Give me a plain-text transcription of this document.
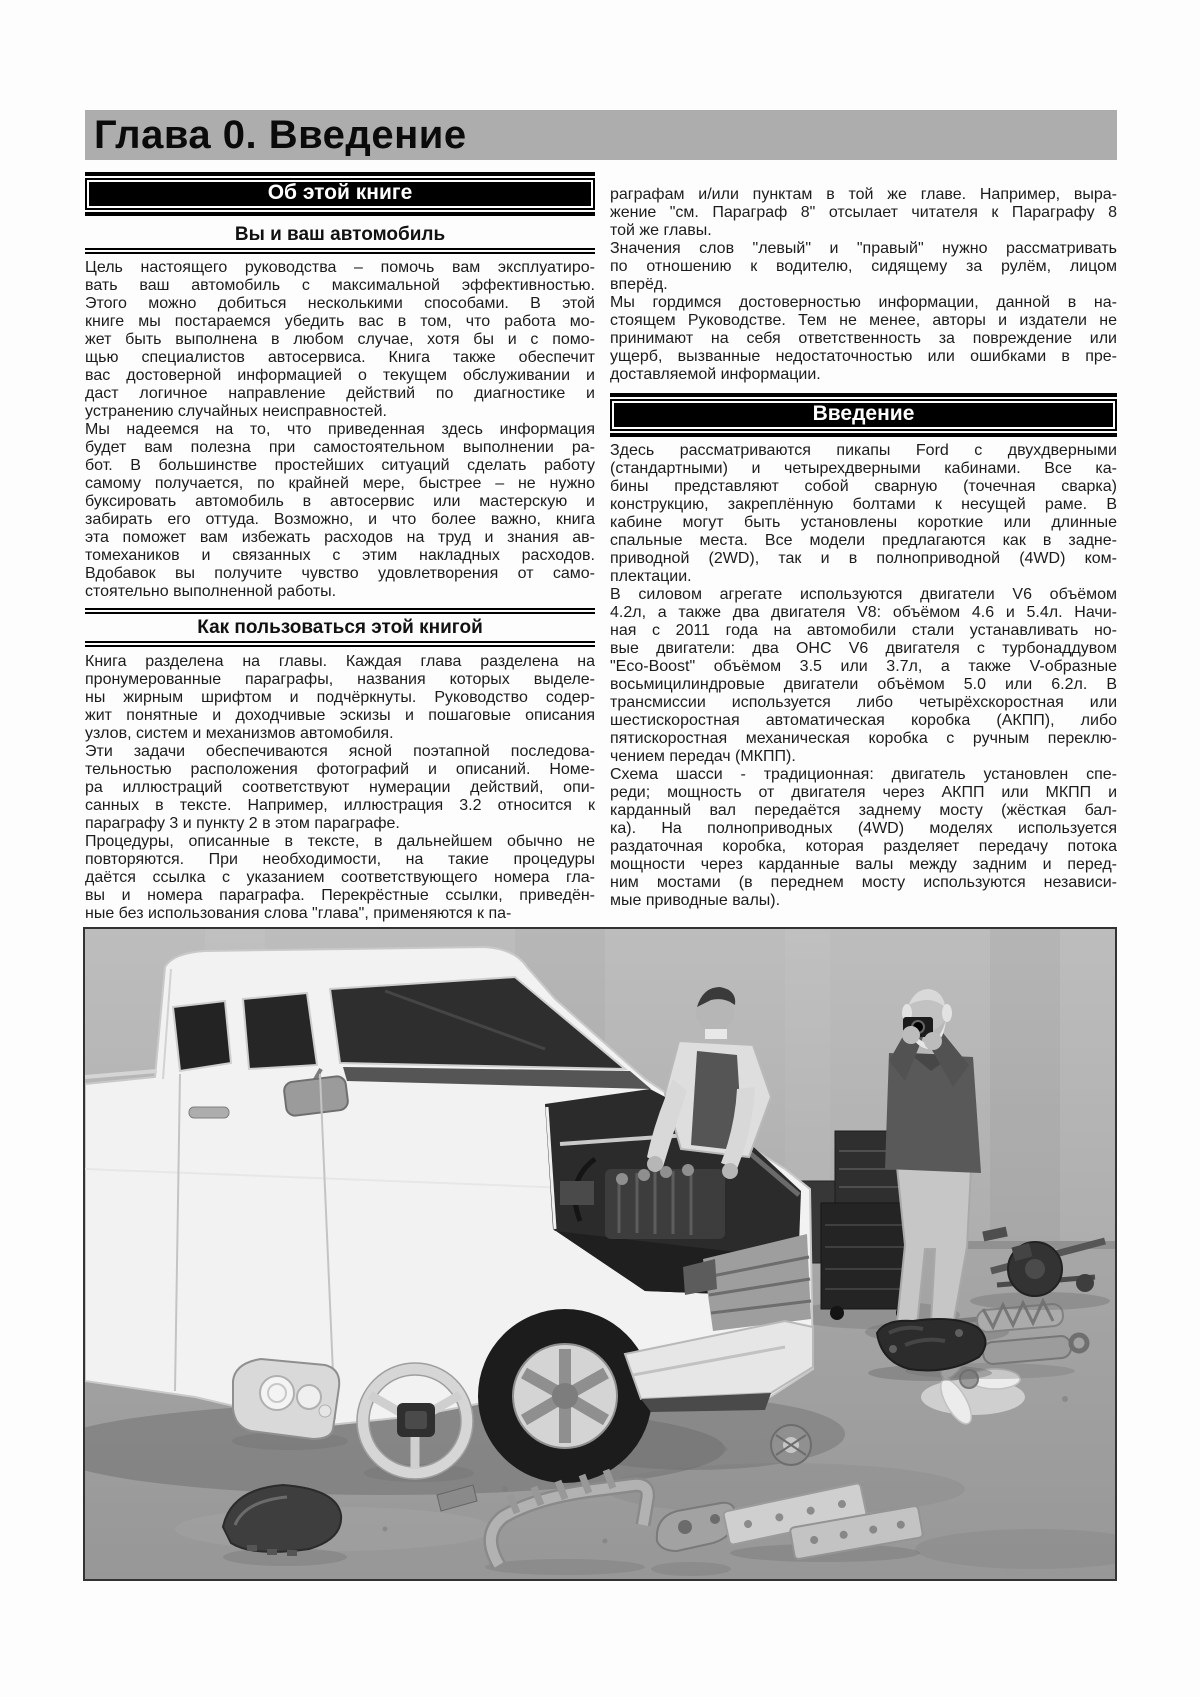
Глава 0. Введение
Об этой книге
Вы и ваш автомобиль
Цель настоящего руководства – помочь вам эксплуатиро-
вать ваш автомобиль с максимальной эффективностью.
Этого можно добиться несколькими способами. В этой
книге мы постараемся убедить вас в том, что работа мо-
жет быть выполнена в любом случае, хотя бы и с помо-
щью специалистов автосервиса. Книга также обеспечит
вас достоверной информацией о текущем обслуживании и
даст логичное направление действий по диагностике и
устранению случайных неисправностей.
Мы надеемся на то, что приведенная здесь информация
будет вам полезна при самостоятельном выполнении ра-
бот. В большинстве простейших ситуаций сделать работу
самому получается, по крайней мере, быстрее – не нужно
буксировать автомобиль в автосервис или мастерскую и
забирать его оттуда. Возможно, и что более важно, книга
эта поможет вам избежать расходов на труд и знания ав-
томехаников и связанных с этим накладных расходов.
Вдобавок вы получите чувство удовлетворения от само-
стоятельно выполненной работы.
Как пользоваться этой книгой
Книга разделена на главы. Каждая глава разделена на
пронумерованные параграфы, названия которых выделе-
ны жирным шрифтом и подчёркнуты. Руководство содер-
жит понятные и доходчивые эскизы и пошаговые описания
узлов, систем и механизмов автомобиля.
Эти задачи обеспечиваются ясной поэтапной последова-
тельностью расположения фотографий и описаний. Номе-
ра иллюстраций соответствуют нумерации действий, опи-
санных в тексте. Например, иллюстрация 3.2 относится к
параграфу 3 и пункту 2 в этом параграфе.
Процедуры, описанные в тексте, в дальнейшем обычно не
повторяются. При необходимости, на такие процедуры
даётся ссылка с указанием соответствующего номера гла-
вы и номера параграфа. Перекрёстные ссылки, приведён-
ные без использования слова "глава", применяются к па-
раграфам и/или пунктам в той же главе. Например, выра-
жение "см. Параграф 8" отсылает читателя к Параграфу 8
той же главы.
Значения слов "левый" и "правый" нужно рассматривать
по отношению к водителю, сидящему за рулём, лицом
вперёд.
Мы гордимся достоверностью информации, данной в на-
стоящем Руководстве. Тем не менее, авторы и издатели не
принимают на себя ответственность за повреждение или
ущерб, вызванные недостаточностью или ошибками в пре-
доставляемой информации.
Введение
Здесь рассматриваются пикапы Ford с двухдверными
(стандартными) и четырехдверными кабинами. Все ка-
бины представляют собой сварную (точечная сварка)
конструкцию, закреплённую болтами к несущей раме. В
кабине могут быть установлены короткие или длинные
спальные места. Все модели предлагаются как в задне-
приводной (2WD), так и в полноприводной (4WD) ком-
плектации.
В силовом агрегате используются двигатели V6 объёмом
4.2л, а также два двигателя V8: объёмом 4.6 и 5.4л. Начи-
ная с 2011 года на автомобили стали устанавливать но-
вые двигатели: два OHC V6 двигателя с турбонаддувом
"Eco-Boost" объёмом 3.5 или 3.7л, а также V-образные
восьмицилиндровые двигатели объёмом 5.0 или 6.2л. В
трансмиссии используется либо четырёхскоростная или
шестискоростная автоматическая коробка (АКПП), либо
пятискоростная механическая коробка с ручным переклю-
чением передач (МКПП).
Схема шасси - традиционная: двигатель установлен спе-
реди; мощность от двигателя через АКПП или МКПП и
карданный вал передаётся заднему мосту (жёсткая бал-
ка). На полноприводных (4WD) моделях используется
раздаточная коробка, которая разделяет передачу потока
мощности через карданные валы между задним и перед-
ним мостами (в переднем мосту используются независи-
мые приводные валы).
